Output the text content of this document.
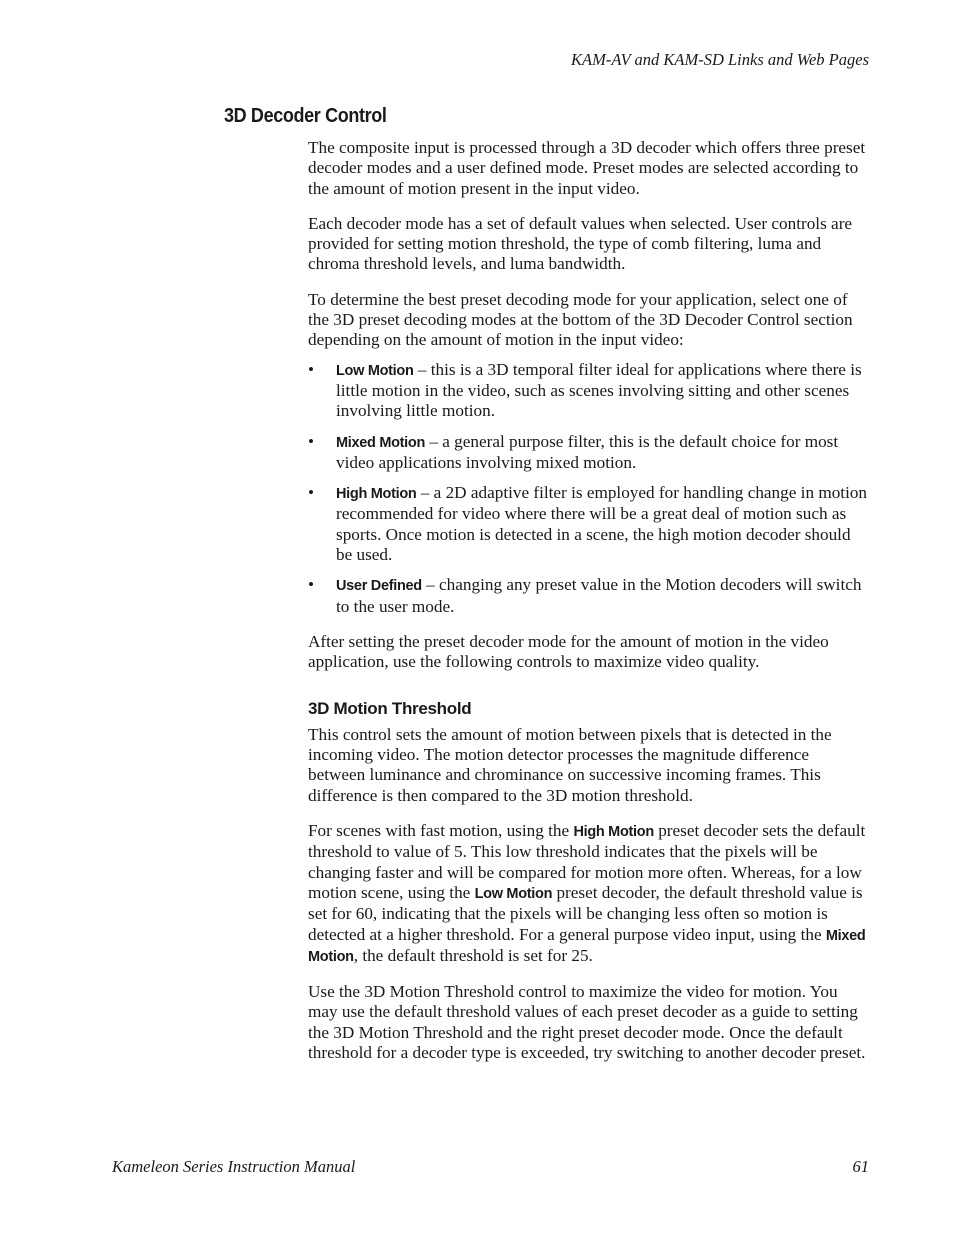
KAM-AV and KAM-SD Links and Web Pages
3D Decoder Control

The composite input is processed through a 3D decoder which offers three preset decoder modes and a user defined mode. Preset modes are selected according to the amount of motion present in the input video.

Each decoder mode has a set of default values when selected. User controls are provided for setting motion threshold, the type of comb filtering, luma and chroma threshold levels, and luma bandwidth.

To determine the best preset decoding mode for your application, select one of the 3D preset decoding modes at the bottom of the 3D Decoder Control section depending on the amount of motion in the input video:

• Low Motion – this is a 3D temporal filter ideal for applications where there is little motion in the video, such as scenes involving sitting and other scenes involving little motion.
• Mixed Motion – a general purpose filter, this is the default choice for most video applications involving mixed motion.
• High Motion – a 2D adaptive filter is employed for handling change in motion recommended for video where there will be a great deal of motion such as sports. Once motion is detected in a scene, the high motion decoder should be used.
• User Defined – changing any preset value in the Motion decoders will switch to the user mode.

After setting the preset decoder mode for the amount of motion in the video application, use the following controls to maximize video quality.

3D Motion Threshold

This control sets the amount of motion between pixels that is detected in the incoming video. The motion detector processes the magnitude difference between luminance and chrominance on successive incoming frames. This difference is then compared to the 3D motion threshold.

For scenes with fast motion, using the High Motion preset decoder sets the default threshold to value of 5. This low threshold indicates that the pixels will be changing faster and will be compared for motion more often. Whereas, for a low motion scene, using the Low Motion preset decoder, the default threshold value is set for 60, indicating that the pixels will be changing less often so motion is detected at a higher threshold. For a general purpose video input, using the Mixed Motion, the default threshold is set for 25.

Use the 3D Motion Threshold control to maximize the video for motion. You may use the default threshold values of each preset decoder as a guide to setting the 3D Motion Threshold and the right preset decoder mode. Once the default threshold for a decoder type is exceeded, try switching to another decoder preset.

Kameleon Series Instruction Manual	61
